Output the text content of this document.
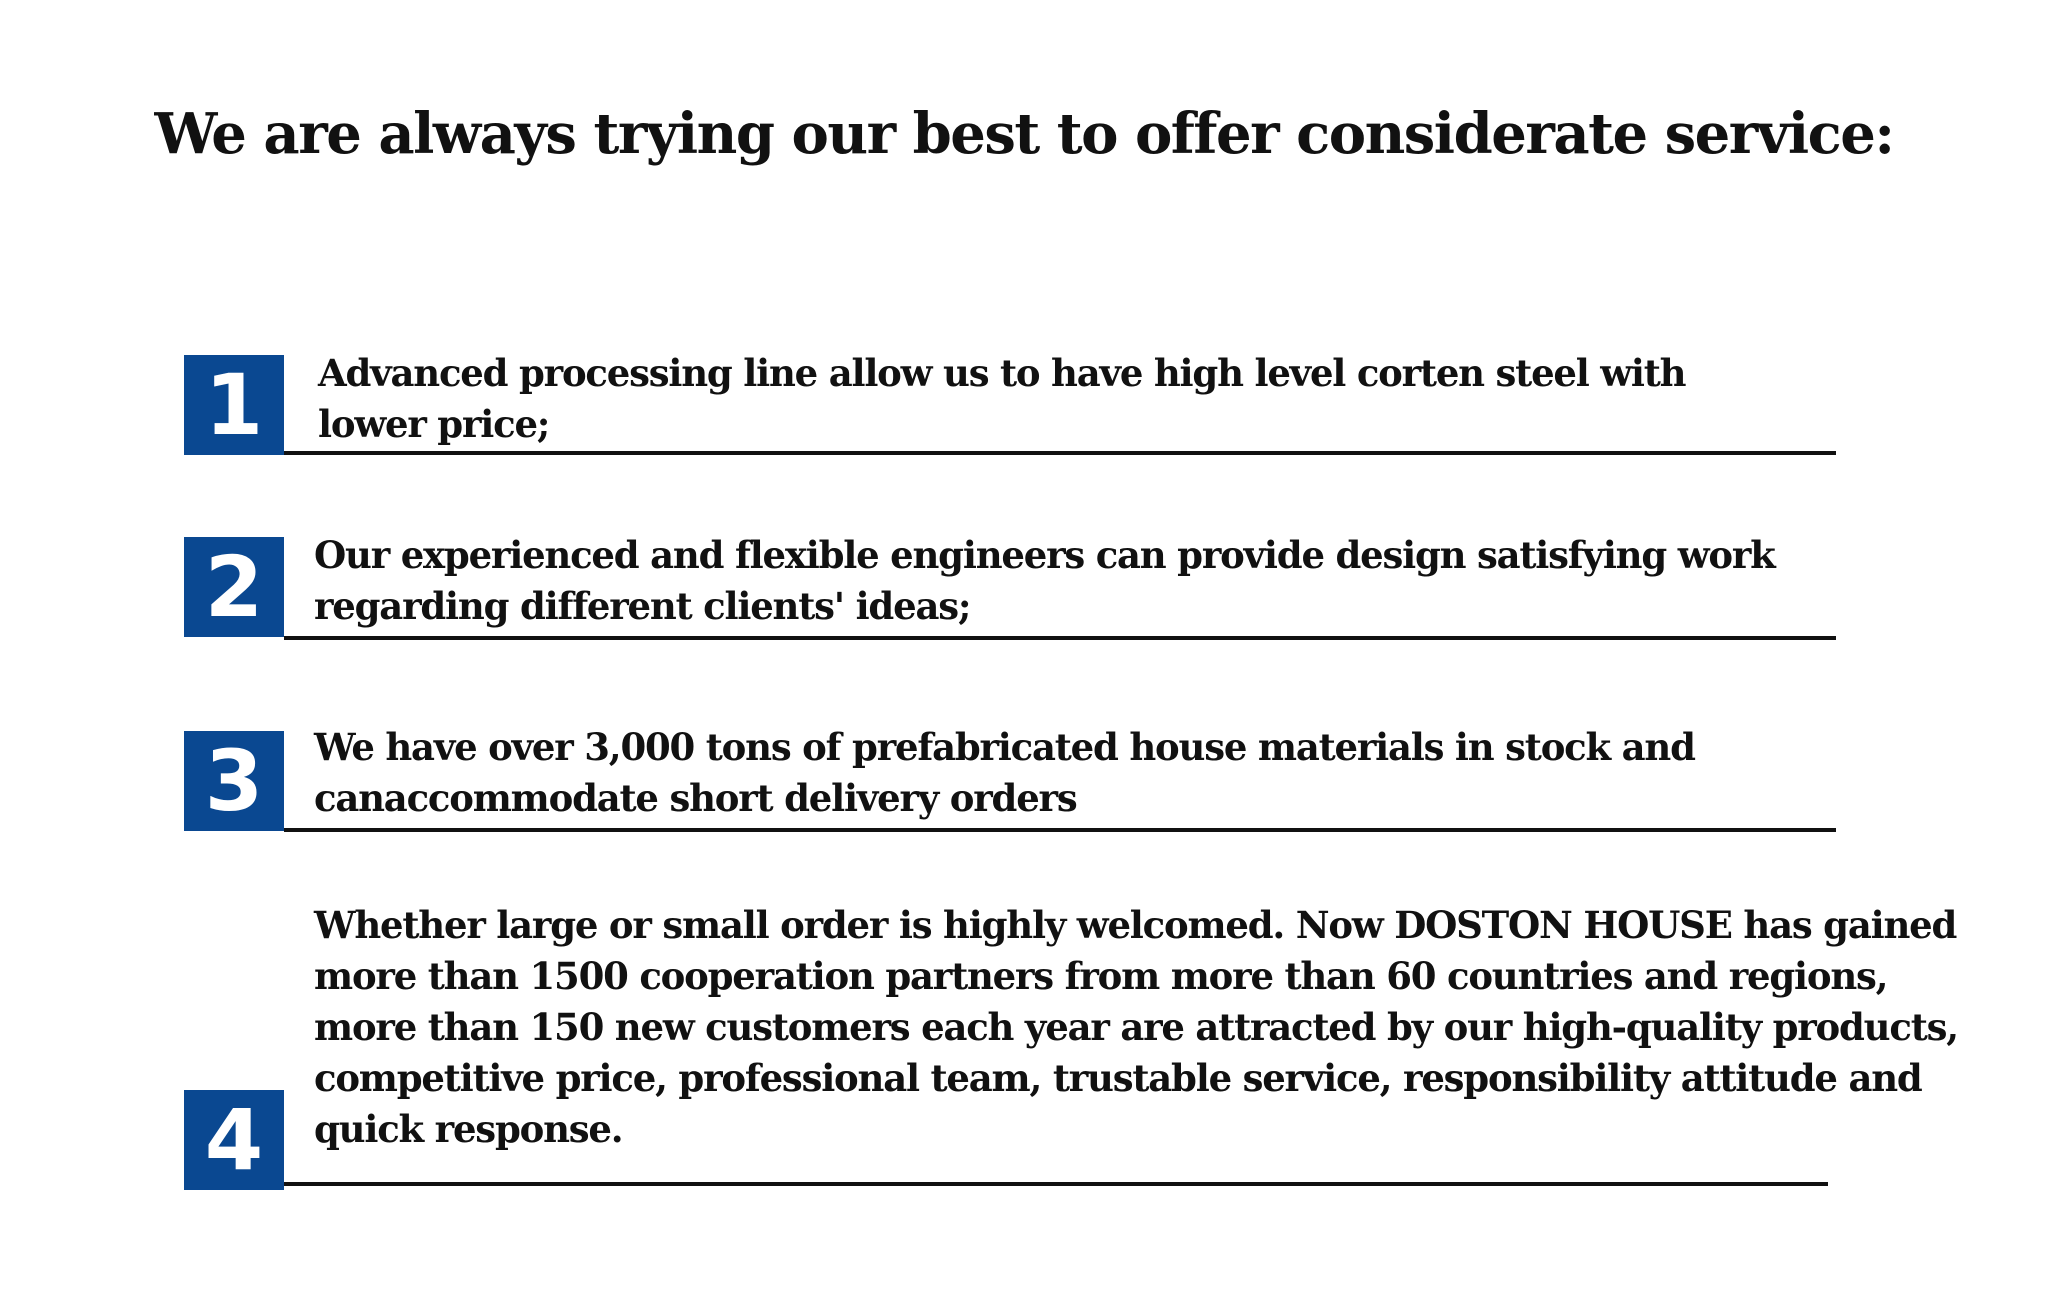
We are always trying our best to offer considerate service:
1	Advanced processing line allow us to have high level corten steel with
lower price;

2	Our experienced and flexible engineers can provide design satisfying work
regarding different clients' ideas;

3	We have over 3,000 tons of prefabricated house materials in stock and
canaccommodate short delivery orders

4

Whether large or small order is highly welcomed. Now DOSTON HOUSE has gained
more than 1500 cooperation partners from more than 60 countries and regions,
more than 150 new customers each year are attracted by our high-quality products,
competitive price, professional team, trustable service, responsibility attitude and
quick response.
